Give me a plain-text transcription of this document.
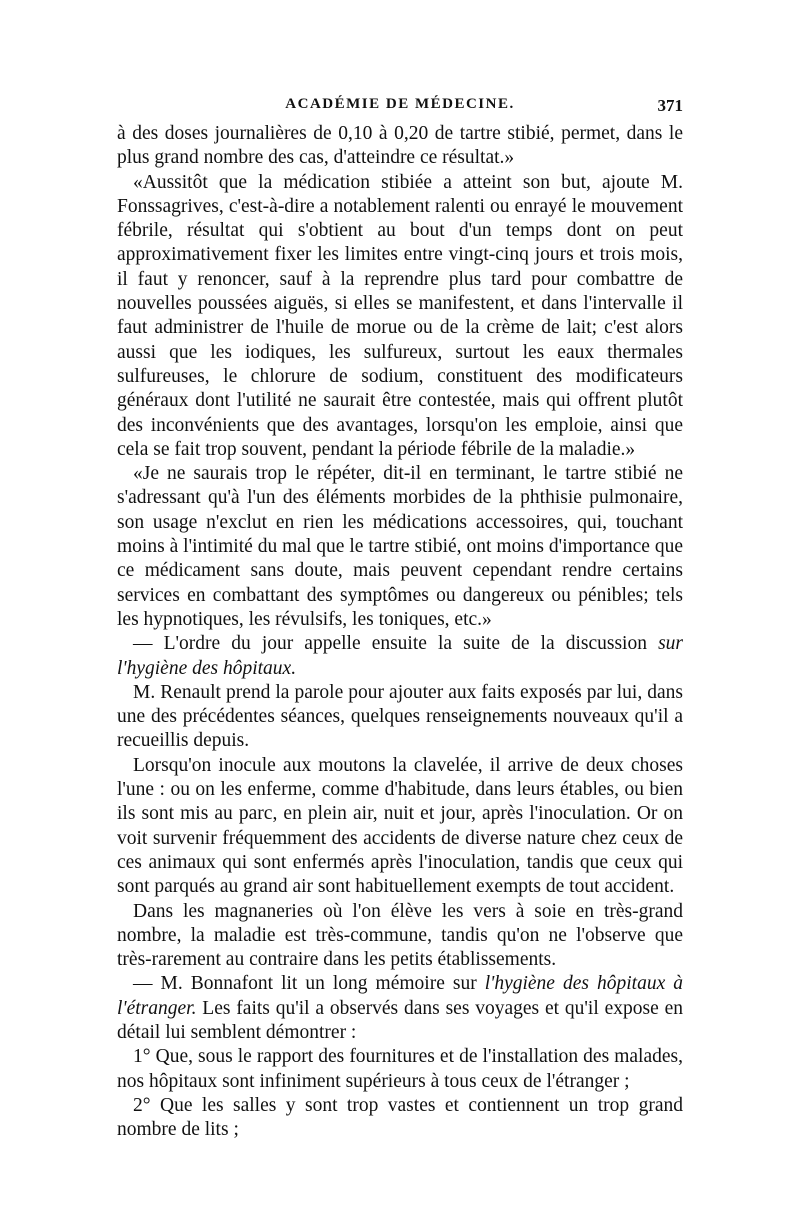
ACADÉMIE DE MÉDECINE.	371

à des doses journalières de 0,10 à 0,20 de tartre stibié, permet, dans le plus grand nombre des cas, d'atteindre ce résultat.»

«Aussitôt que la médication stibiée a atteint son but, ajoute M. Fonssagrives, c'est-à-dire a notablement ralenti ou enrayé le mouvement fébrile, résultat qui s'obtient au bout d'un temps dont on peut approximativement fixer les limites entre vingt-cinq jours et trois mois, il faut y renoncer, sauf à la reprendre plus tard pour combattre de nouvelles poussées aiguës, si elles se manifestent, et dans l'intervalle il faut administrer de l'huile de morue ou de la crème de lait; c'est alors aussi que les iodiques, les sulfureux, surtout les eaux thermales sulfureuses, le chlorure de sodium, constituent des modificateurs généraux dont l'utilité ne saurait être contestée, mais qui offrent plutôt des inconvénients que des avantages, lorsqu'on les emploie, ainsi que cela se fait trop souvent, pendant la période fébrile de la maladie.»

«Je ne saurais trop le répéter, dit-il en terminant, le tartre stibié ne s'adressant qu'à l'un des éléments morbides de la phthisie pulmonaire, son usage n'exclut en rien les médications accessoires, qui, touchant moins à l'intimité du mal que le tartre stibié, ont moins d'importance que ce médicament sans doute, mais peuvent cependant rendre certains services en combattant des symptômes ou dangereux ou pénibles; tels les hypnotiques, les révulsifs, les toniques, etc.»

— L'ordre du jour appelle ensuite la suite de la discussion sur l'hygiène des hôpitaux.

M. Renault prend la parole pour ajouter aux faits exposés par lui, dans une des précédentes séances, quelques renseignements nouveaux qu'il a recueillis depuis.

Lorsqu'on inocule aux moutons la clavelée, il arrive de deux choses l'une : ou on les enferme, comme d'habitude, dans leurs étables, ou bien ils sont mis au parc, en plein air, nuit et jour, après l'inoculation. Or on voit survenir fréquemment des accidents de diverse nature chez ceux de ces animaux qui sont enfermés après l'inoculation, tandis que ceux qui sont parqués au grand air sont habituellement exempts de tout accident.

Dans les magnaneries où l'on élève les vers à soie en très-grand nombre, la maladie est très-commune, tandis qu'on ne l'observe que très-rarement au contraire dans les petits établissements.

— M. Bonnafont lit un long mémoire sur l'hygiène des hôpitaux à l'étranger. Les faits qu'il a observés dans ses voyages et qu'il expose en détail lui semblent démontrer :

1° Que, sous le rapport des fournitures et de l'installation des malades, nos hôpitaux sont infiniment supérieurs à tous ceux de l'étranger ;

2° Que les salles y sont trop vastes et contiennent un trop grand nombre de lits ;
